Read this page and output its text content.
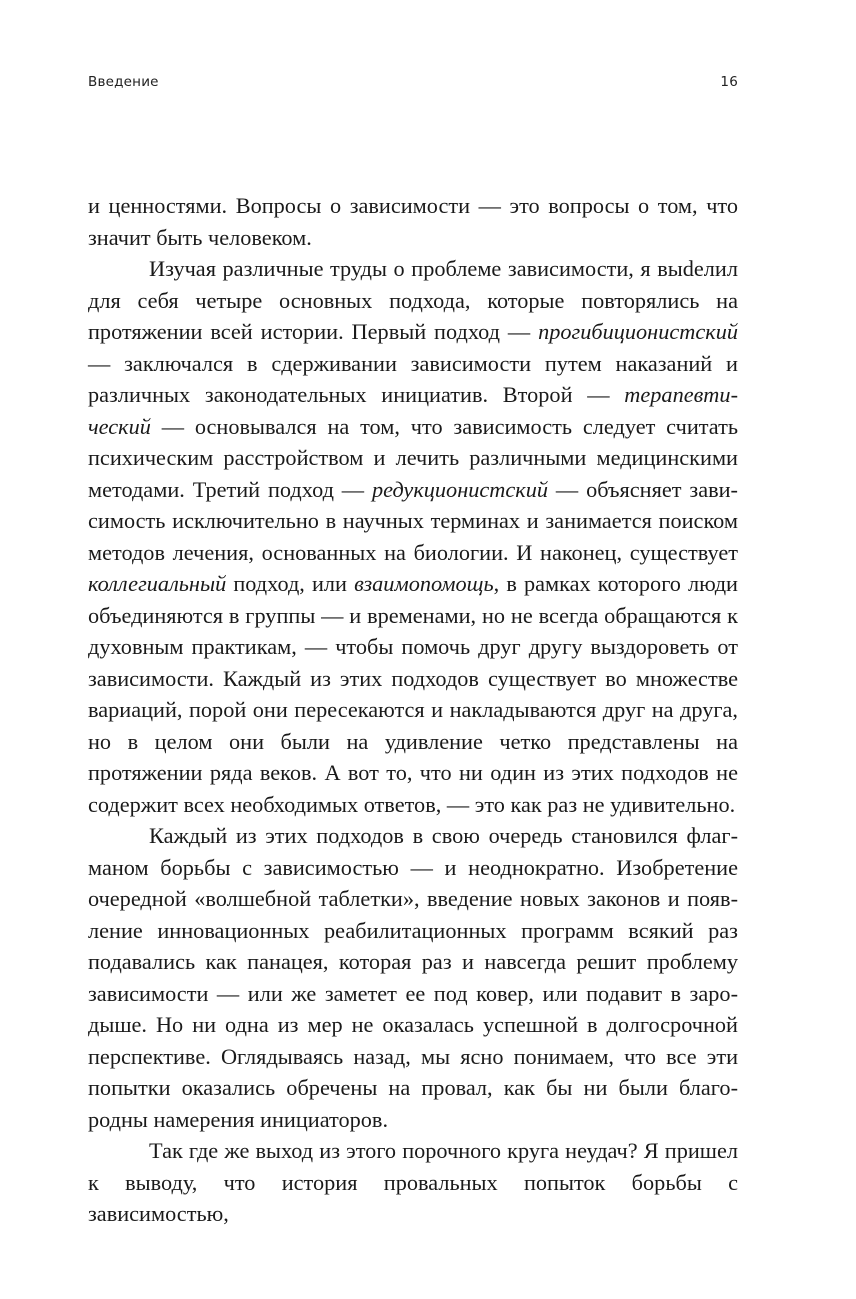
Введение	16

и ценностями. Вопросы о зависимости — это вопросы о том, что значит быть человеком.

Изучая различные труды о проблеме зависимости, я выdелил для себя четыре основных подхода, которые повторялись на протяжении всей истории. Первый подход — прогибиционистский — заключался в сдерживании зависимости путем наказаний и различных законодательных инициатив. Второй — терапевтический — основывался на том, что зависимость следует считать психическим расстройством и лечить различными медицинскими методами. Третий подход — редукционистский — объясняет зависимость исключительно в научных терминах и занимается поиском методов лечения, основанных на биологии. И наконец, существует коллегиальный подход, или взаимопомощь, в рамках которого люди объединяются в группы — и временами, но не всегда обращаются к духовным практикам, — чтобы помочь друг другу выздороветь от зависимости. Каждый из этих подходов существует во множестве вариаций, порой они пересекаются и накладываются друг на друга, но в целом они были на удивление четко представлены на протяжении ряда веков. А вот то, что ни один из этих подходов не содержит всех необходимых ответов, — это как раз не удивительно.

Каждый из этих подходов в свою очередь становился флагманом борьбы с зависимостью — и неоднократно. Изобретение очередной «волшебной таблетки», введение новых законов и появление инновационных реабилитационных программ всякий раз подавались как панацея, которая раз и навсегда решит проблему зависимости — или же заметет ее под ковер, или подавит в зародыше. Но ни одна из мер не оказалась успешной в долгосрочной перспективе. Оглядываясь назад, мы ясно понимаем, что все эти попытки оказались обречены на провал, как бы ни были благородны намерения инициаторов.

Так где же выход из этого порочного круга неудач? Я пришел к выводу, что история провальных попыток борьбы с зависимостью,
